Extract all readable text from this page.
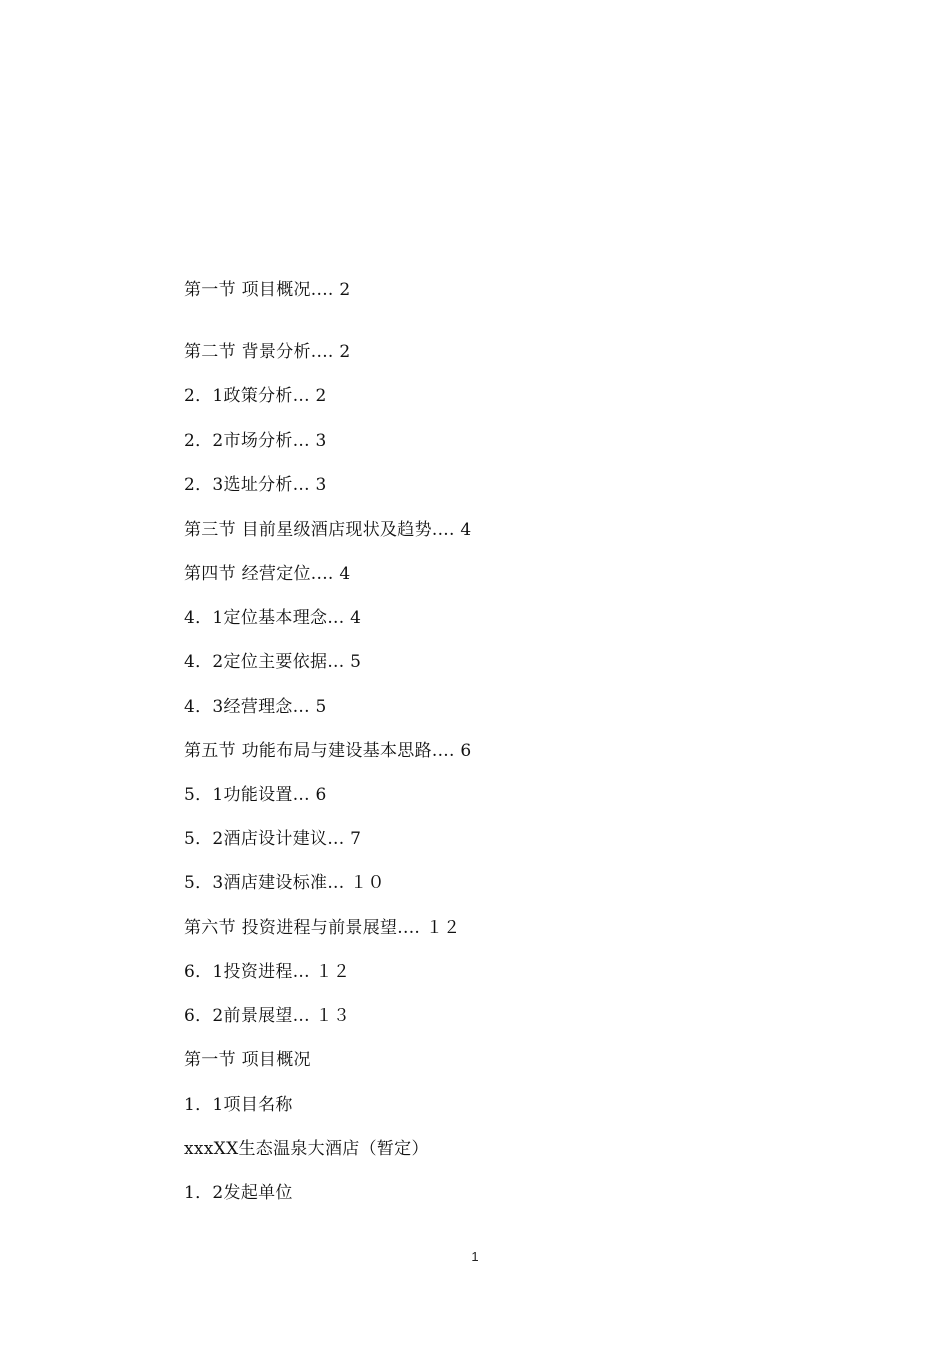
第一节 项目概况.... 2
第二节 背景分析.... 2
2．1政策分析... 2
2．2市场分析... 3
2．3选址分析... 3
第三节 目前星级酒店现状及趋势.... 4
第四节 经营定位.... 4
4．1定位基本理念... 4
4．2定位主要依据... 5
4．3经营理念... 5
第五节 功能布局与建设基本思路.... 6
5．1功能设置... 6
5．2酒店设计建议... 7
5．3酒店建设标准... １０
第六节 投资进程与前景展望.... １２
6．1投资进程... １２
6．2前景展望... １３
第一节 项目概况
1．1项目名称
xxxXX生态温泉大酒店（暂定）
1．2发起单位
1
